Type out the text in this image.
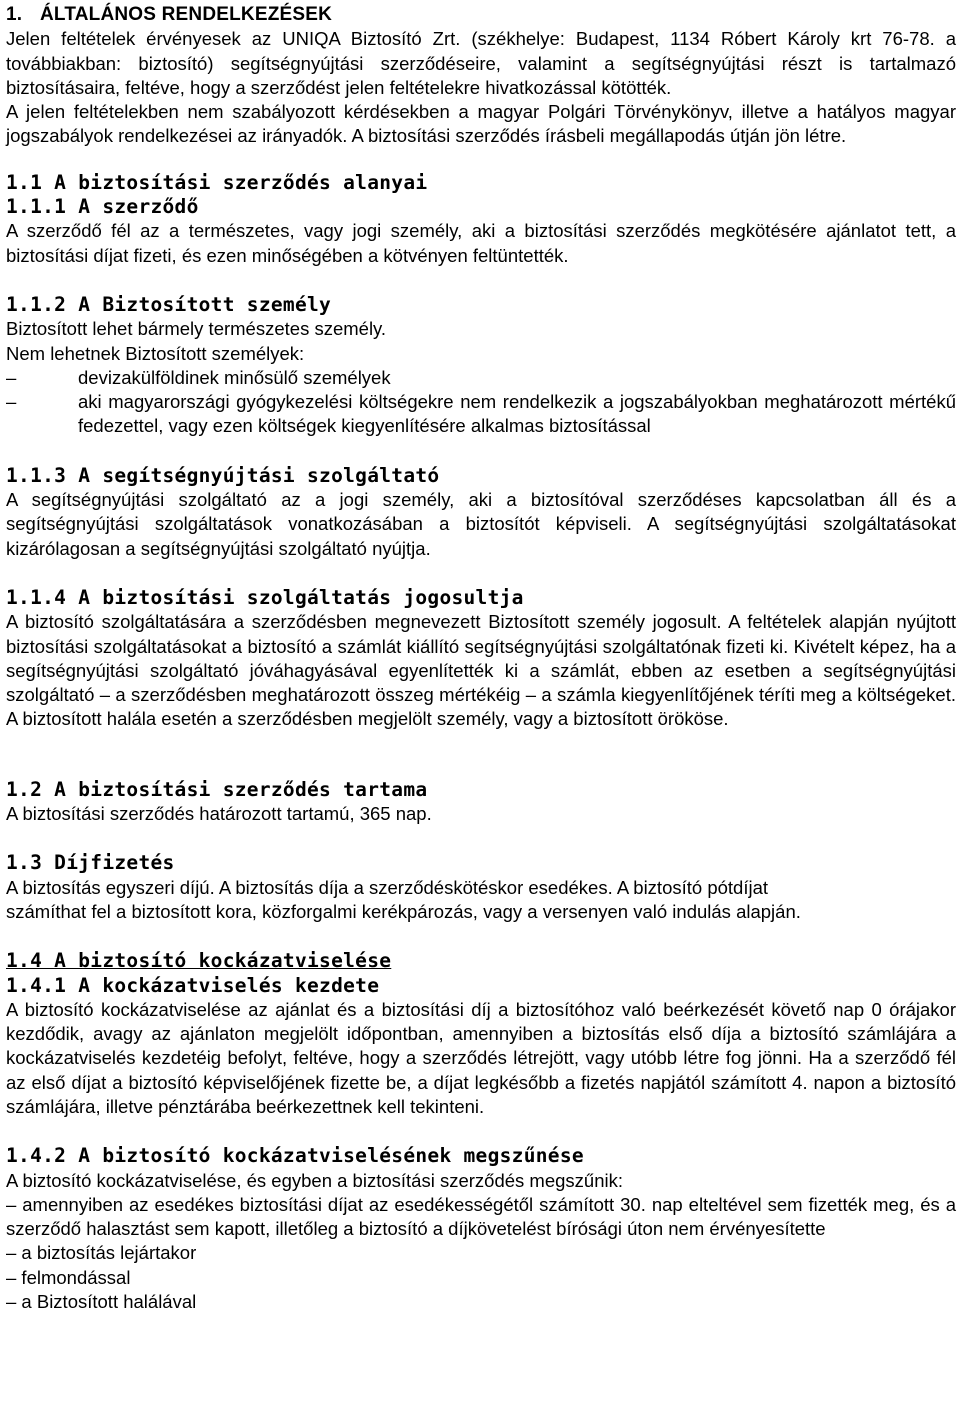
1. ÁLTALÁNOS RENDELKEZÉSEK

Jelen feltételek érvényesek az UNIQA Biztosító Zrt. (székhelye: Budapest, 1134 Róbert Károly krt 76-78. a továbbiakban: biztosító) segítségnyújtási szerződéseire, valamint a segítségnyújtási részt is tartalmazó biztosításaira, feltéve, hogy a szerződést jelen feltételekre hivatkozással kötötték.

A jelen feltételekben nem szabályozott kérdésekben a magyar Polgári Törvénykönyv, illetve a hatályos magyar jogszabályok rendelkezései az irányadók. A biztosítási szerződés írásbeli megállapodás útján jön létre.

1.1 A biztosítási szerződés alanyai
1.1.1 A szerződő

A szerződő fél az a természetes, vagy jogi személy, aki a biztosítási szerződés megkötésére ajánlatot tett, a biztosítási díjat fizeti, és ezen minőségében a kötvényen feltüntették.

1.1.2 A Biztosított személy

Biztosított lehet bármely természetes személy.

Nem lehetnek Biztosított személyek:

–	devizakülföldinek minősülő személyek
–	aki magyarországi gyógykezelési költségekre nem rendelkezik a jogszabályokban meghatározott mértékű fedezettel, vagy ezen költségek kiegyenlítésére alkalmas biztosítással
1.1.3 A segítségnyújtási szolgáltató

A segítségnyújtási szolgáltató az a jogi személy, aki a biztosítóval szerződéses kapcsolatban áll és a segítségnyújtási szolgáltatások vonatkozásában a biztosítót képviseli. A segítségnyújtási szolgáltatásokat kizárólagosan a segítségnyújtási szolgáltató nyújtja.

1.1.4 A biztosítási szolgáltatás jogosultja

A biztosító szolgáltatására a szerződésben megnevezett Biztosított személy jogosult. A feltételek alapján nyújtott biztosítási szolgáltatásokat a biztosító a számlát kiállító segítségnyújtási szolgáltatónak fizeti ki. Kivételt képez, ha a segítségnyújtási szolgáltató jóváhagyásával egyenlítették ki a számlát, ebben az esetben a segítségnyújtási szolgáltató – a szerződésben meghatározott összeg mértékéig – a számla kiegyenlítőjének téríti meg a költségeket. A biztosított halála esetén a szerződésben megjelölt személy, vagy a biztosított örököse.

1.2 A biztosítási szerződés tartama

A biztosítási szerződés határozott tartamú, 365 nap.

1.3 Díjfizetés

A biztosítás egyszeri díjú. A biztosítás díja a szerződéskötéskor esedékes. A biztosító pótdíjat

számíthat fel a biztosított kora, közforgalmi kerékpározás, vagy a versenyen való indulás alapján.

1.4 A biztosító kockázatviselése
1.4.1 A kockázatviselés kezdete

A biztosító kockázatviselése az ajánlat és a biztosítási díj a biztosítóhoz való beérkezését követő nap 0 órájakor kezdődik, avagy az ajánlaton megjelölt időpontban, amennyiben a biztosítás első díja a biztosító számlájára a kockázatviselés kezdetéig befolyt, feltéve, hogy a szerződés létrejött, vagy utóbb létre fog jönni. Ha a szerződő fél az első díjat a biztosító képviselőjének fizette be, a díjat legkésőbb a fizetés napjától számított 4. napon a biztosító számlájára, illetve pénztárába beérkezettnek kell tekinteni.

1.4.2 A biztosító kockázatviselésének megszűnése

A biztosító kockázatviselése, és egyben a biztosítási szerződés megszűnik:

– amennyiben az esedékes biztosítási díjat az esedékességétől számított 30. nap elteltével sem fizették meg, és a szerződő halasztást sem kapott, illetőleg a biztosító a díjkövetelést bírósági úton nem érvényesítette

– a biztosítás lejártakor

– felmondással

– a Biztosított halálával
